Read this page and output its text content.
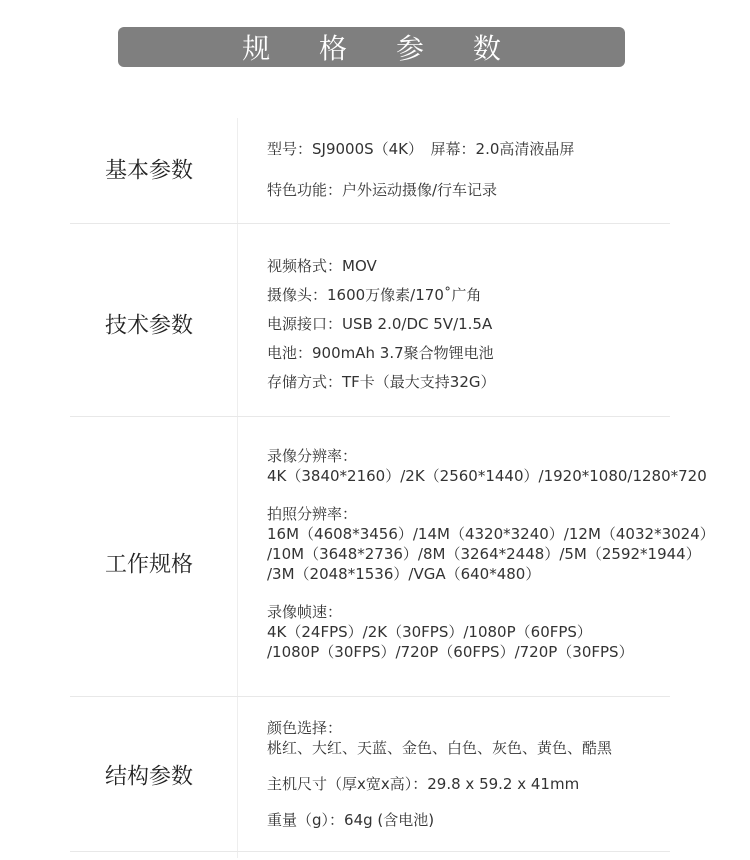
规 格 参 数
基本参数
型号：SJ9000S（4K）　屏幕：2.0高清液晶屏
特色功能：户外运动摄像/行车记录
技术参数
视频格式：MOV
摄像头：1600万像素/170˚广角
电源接口：USB 2.0/DC 5V/1.5A
电池：900mAh 3.7聚合物锂电池
存储方式：TF卡（最大支持32G）
工作规格
录像分辨率：
4K（3840*2160）/2K（2560*1440）/1920*1080/1280*720
拍照分辨率：
16M（4608*3456）/14M（4320*3240）/12M（4032*3024）
/10M（3648*2736）/8M（3264*2448）/5M（2592*1944）
/3M（2048*1536）/VGA（640*480）
录像帧速：
4K（24FPS）/2K（30FPS）/1080P（60FPS）
/1080P（30FPS）/720P（60FPS）/720P（30FPS）
结构参数
颜色选择：
桃红、大红、天蓝、金色、白色、灰色、黄色、酷黑
主机尺寸（厚x宽x高）：29.8 x 59.2 x 41mm
重量（g）：64g (含电池)
